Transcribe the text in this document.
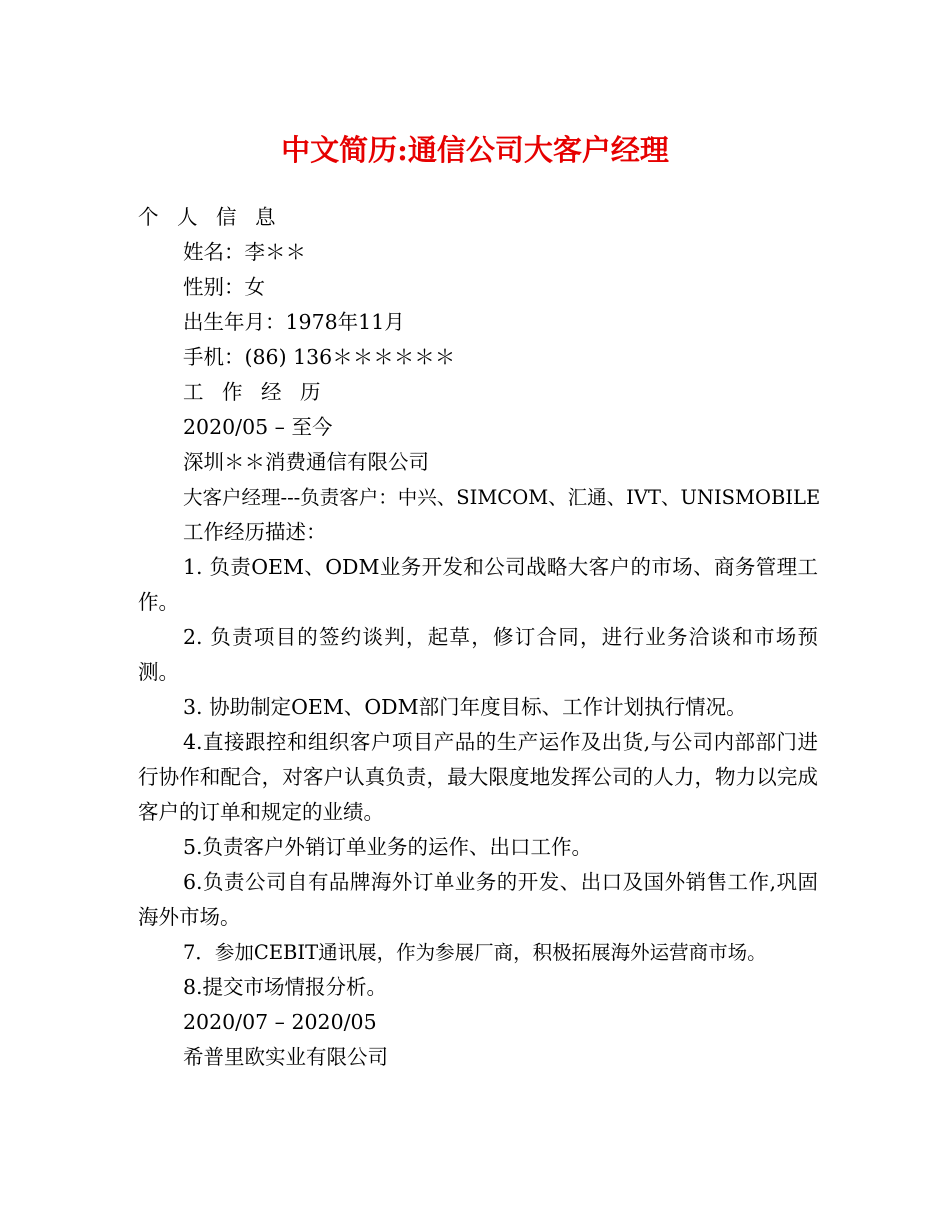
中文简历:通信公司大客户经理
个 人 信 息
姓名：李＊＊
性别：女
出生年月：1978年11月
手机：(86) 136＊＊＊＊＊＊
工 作 经 历
2020/05 – 至今
深圳＊＊消费通信有限公司
大客户经理---负责客户：中兴、SIMCOM、汇通、IVT、UNISMOBILE
工作经历描述：
1. 负责OEM、ODM业务开发和公司战略大客户的市场、商务管理工作。
2. 负责项目的签约谈判，起草，修订合同，进行业务洽谈和市场预测。
3. 协助制定OEM、ODM部门年度目标、工作计划执行情况。
4.直接跟控和组织客户项目产品的生产运作及出货,与公司内部部门进行协作和配合，对客户认真负责，最大限度地发挥公司的人力，物力以完成客户的订单和规定的业绩。
5.负责客户外销订单业务的运作、出口工作。
6.负责公司自有品牌海外订单业务的开发、出口及国外销售工作,巩固海外市场。
7．参加CEBIT通讯展，作为参展厂商，积极拓展海外运营商市场。
8.提交市场情报分析。
2020/07 – 2020/05
希普里欧实业有限公司
